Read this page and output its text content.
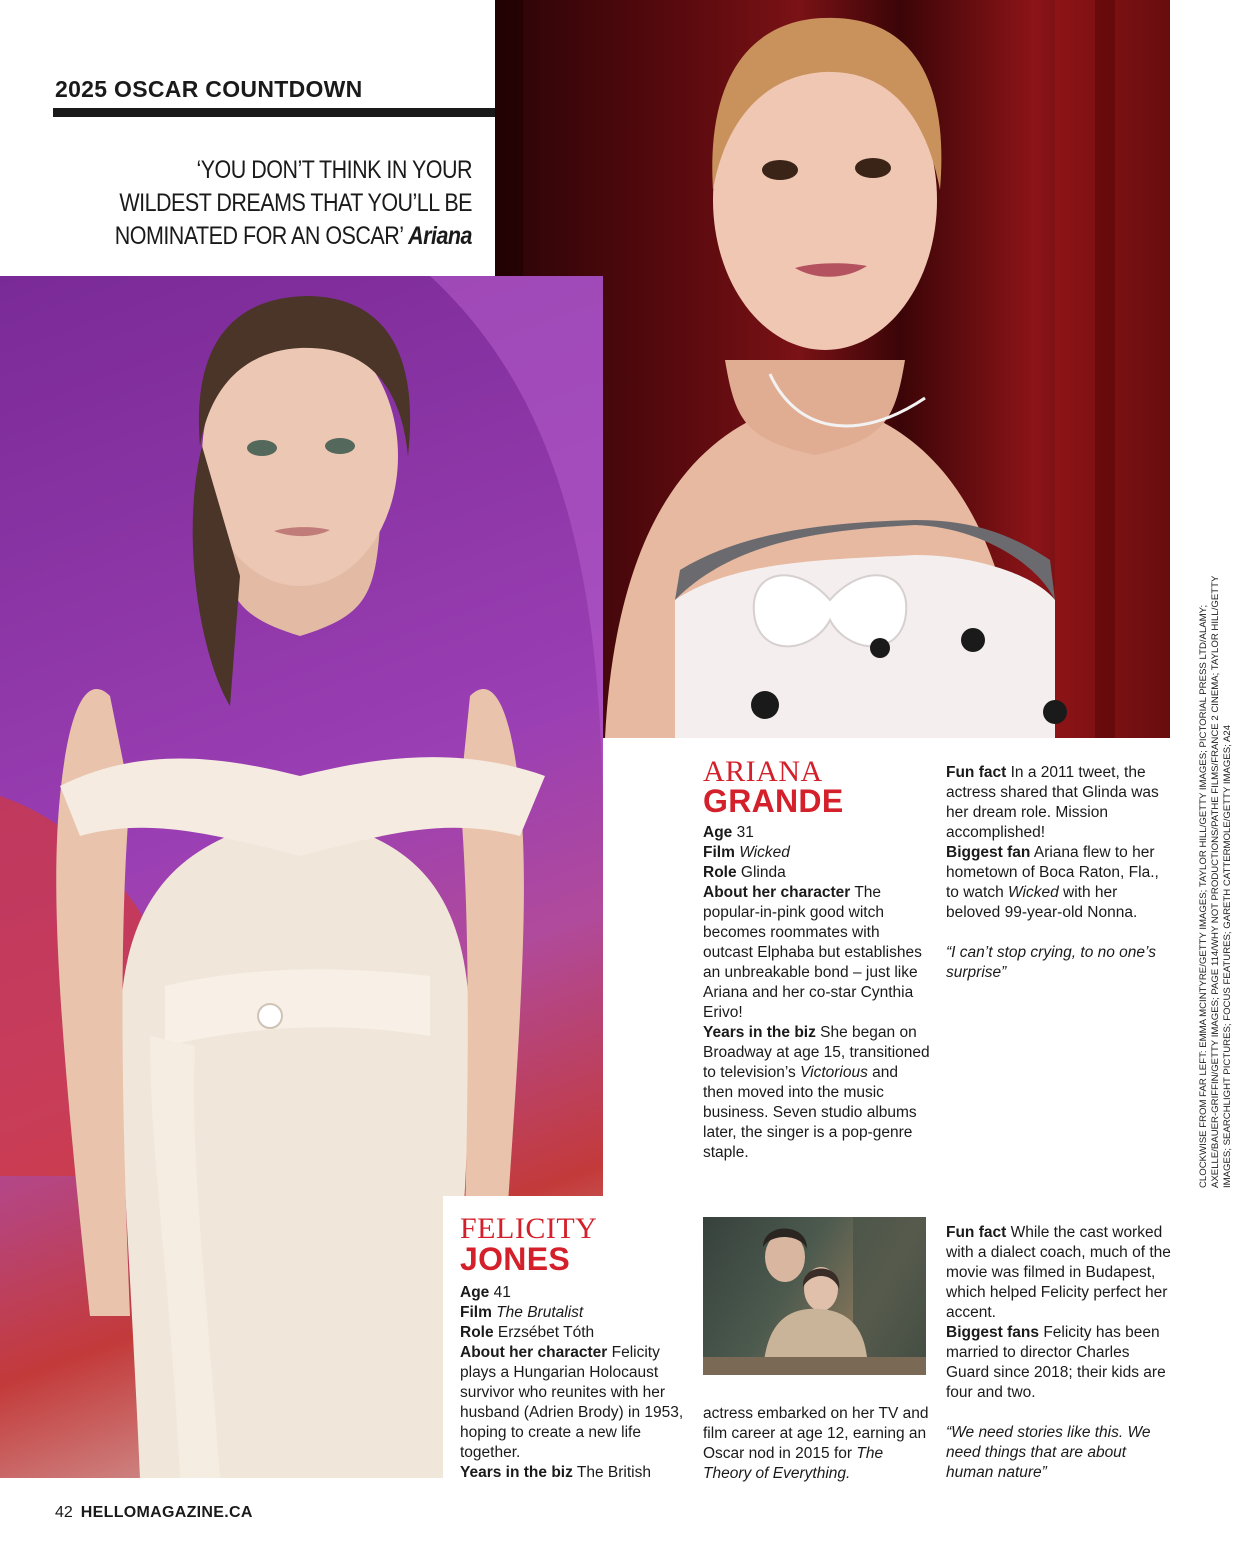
2025 OSCAR COUNTDOWN
‘YOU DON’T THINK IN YOUR WILDEST DREAMS THAT YOU’LL BE NOMINATED FOR AN OSCAR’ Ariana
ARIANA
GRANDE

Age 31

Film Wicked

Role Glinda

About her character The popular-in-pink good witch becomes roommates with outcast Elphaba but establishes an unbreakable bond – just like Ariana and her co-star Cynthia Erivo!

Years in the biz She began on Broadway at age 15, transitioned to television’s Victorious and then moved into the music business. Seven studio albums later, the singer is a pop-genre staple.

Fun fact In a 2011 tweet, the actress shared that Glinda was her dream role. Mission accomplished!

Biggest fan Ariana flew to her hometown of Boca Raton, Fla., to watch Wicked with her beloved 99-year-old Nonna.

“I can’t stop crying, to no one’s surprise”

FELICITY
JONES

Age 41

Film The Brutalist

Role Erzsébet Tóth

About her character Felicity plays a Hungarian Holocaust survivor who reunites with her husband (Adrien Brody) in 1953, hoping to create a new life together.

Years in the biz The British

actress embarked on her TV and film career at age 12, earning an Oscar nod in 2015 for The Theory of Everything.

Fun fact While the cast worked with a dialect coach, much of the movie was filmed in Budapest, which helped Felicity perfect her accent.

Biggest fans Felicity has been married to director Charles Guard since 2018; their kids are four and two.

“We need stories like this. We need things that are about human nature”

42 HELLOMAGAZINE.CA
CLOCKWISE FROM FAR LEFT: EMMA MCINTYRE/GETTY IMAGES; TAYLOR HILL/GETTY IMAGES; PICTORIAL PRESS LTD/ALAMY; AXELLE/BAUER-GRIFFIN/GETTY IMAGES; PAGE 114/WHY NOT PRODUCTIONS/PATHE FILMS/FRANCE 2 CINEMA; TAYLOR HILL/GETTY IMAGES; SEARCHLIGHT PICTURES; FOCUS FEATURES; GARETH CATTERMOLE/GETTY IMAGES; A24
